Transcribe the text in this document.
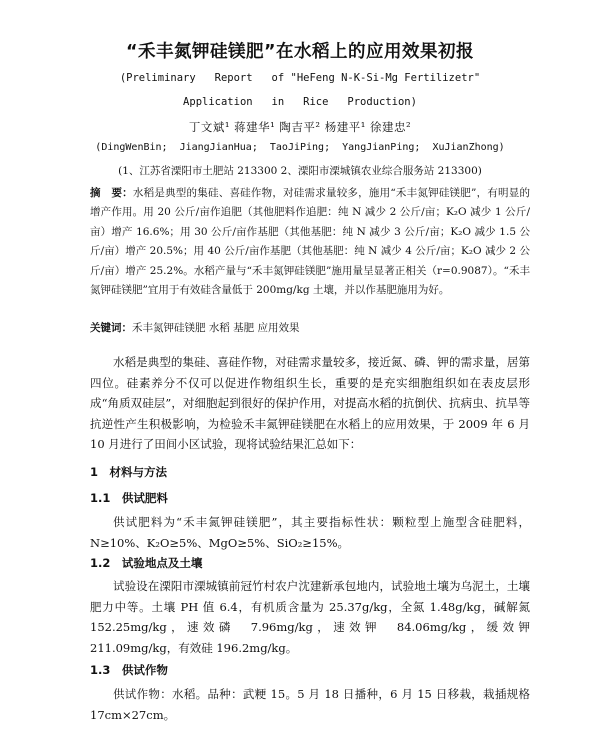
“禾丰氮钾硅镁肥”在水稻上的应用效果初报
(Preliminary   Report   of "HeFeng N-K-Si-Mg Fertilizetr"
Application   in   Rice   Production)
丁文斌¹ 蒋建华¹ 陶吉平² 杨建平¹ 徐建忠²
(DingWenBin;  JiangJianHua;  TaoJiPing;  YangJianPing;  XuJianZhong)
(1、江苏省溧阳市土肥站 213300 2、溧阳市溧城镇农业综合服务站 213300)
摘　要：水稻是典型的集硅、喜硅作物，对硅需求量较多，施用“禾丰氮钾硅镁肥”，有明显的增产作用。用 20 公斤/亩作追肥（其他肥料作追肥：纯 N 减少 2 公斤/亩；K₂O 减少 1 公斤/亩）增产 16.6%；用 30 公斤/亩作基肥（其他基肥：纯 N 减少 3 公斤/亩；K₂O 减少 1.5 公斤/亩）增产 20.5%；用 40 公斤/亩作基肥（其他基肥：纯 N 减少 4 公斤/亩；K₂O 减少 2 公斤/亩）增产 25.2%。水稻产量与“禾丰氮钾硅镁肥”施用量呈显著正相关（r=0.9087）。“禾丰氮钾硅镁肥”宜用于有效硅含量低于 200mg/kg 土壤，并以作基肥施用为好。
关键词：禾丰氮钾硅镁肥 水稻 基肥 应用效果
水稻是典型的集硅、喜硅作物，对硅需求量较多，接近氮、磷、钾的需求量，居第四位。硅素养分不仅可以促进作物组织生长，重要的是充实细胞组织如在表皮层形成“角质双硅层”，对细胞起到很好的保护作用，对提高水稻的抗倒伏、抗病虫、抗旱等抗逆性产生积极影响，为检验禾丰氮钾硅镁肥在水稻上的应用效果，于 2009 年 6 月　10 月进行了田间小区试验，现将试验结果汇总如下：
1　材料与方法
1.1　供试肥料
供试肥料为“禾丰氮钾硅镁肥”，其主要指标性状：颗粒型上施型含硅肥料，N≥10%、K₂O≥5%、MgO≥5%、SiO₂≥15%。
1.2　试验地点及土壤
试验设在溧阳市溧城镇前冠竹村农户沈建新承包地内，试验地土壤为乌泥土，土壤肥力中等。土壤 PH 值 6.4，有机质含量为 25.37g/kg，全氮 1.48g/kg，碱解氮　152.25mg/kg，速效磷　7.96mg/kg，速效钾　84.06mg/kg，缓效钾　211.09mg/kg，有效硅 196.2mg/kg。
1.3　供试作物
供试作物：水稻。品种：武粳 15。5 月 18 日播种，6 月 15 日移栽，栽插规格 17cm×27cm。
